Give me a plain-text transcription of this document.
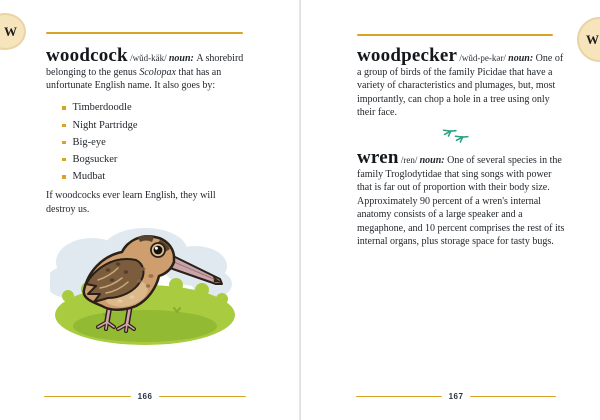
W

woodcock /wŭd-käk/ noun: A shorebird belonging to the genus Scolopax that has an unfortunate English name. It also goes by:

Timberdoodle
Night Partridge
Big-eye
Bogsucker
Mudbat

If woodcocks ever learn English, they will destroy us.

166
W

woodpecker /wŭd-pe-kər/ noun: One of a group of birds of the family Picidae that have a variety of characteristics and plumages, but, most importantly, can chop a hole in a tree using only their face.

wren /ren/ noun: One of several species in the family Troglodytidae that sing songs with power that is far out of proportion with their body size. Approximately 90 percent of a wren's internal anatomy consists of a large speaker and a megaphone, and 10 percent comprises the rest of its internal organs, plus storage space for tasty bugs.

167
